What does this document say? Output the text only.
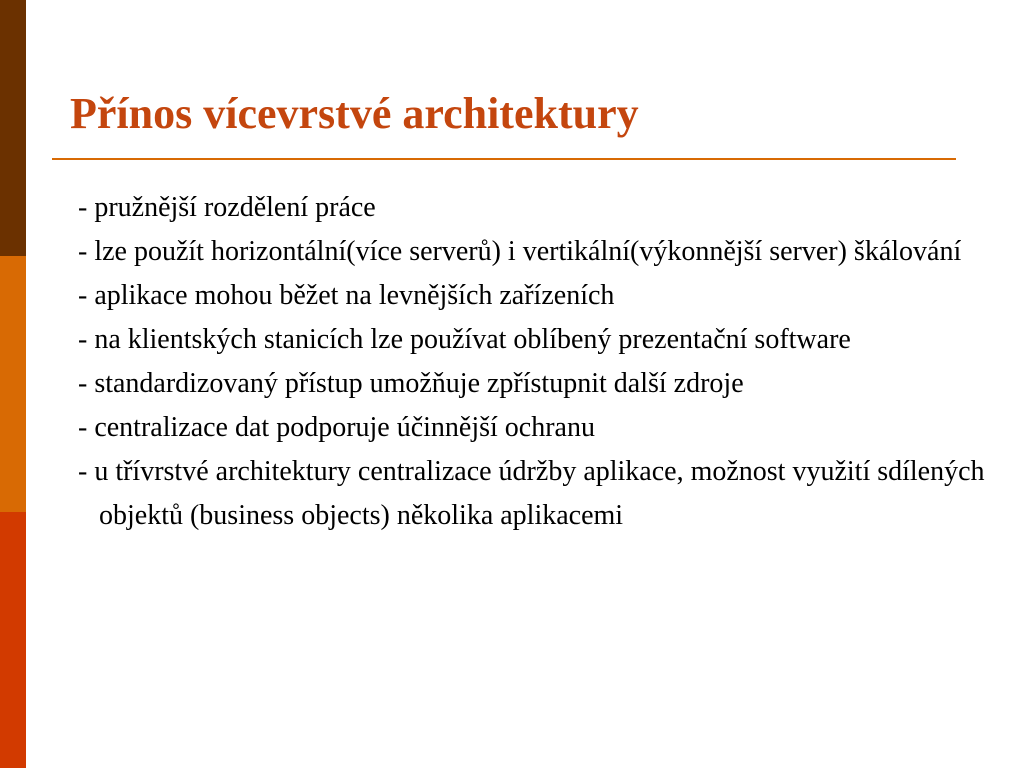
Přínos vícevrstvé architektury
- pružnější rozdělení práce
- lze použít horizontální(více serverů) i vertikální(výkonnější server) škálování
- aplikace mohou běžet na levnějších zařízeních
- na klientských stanicích lze používat oblíbený prezentační software
- standardizovaný přístup umožňuje zpřístupnit další zdroje
- centralizace dat podporuje účinnější ochranu
- u třívrstvé architektury centralizace údržby aplikace, možnost využití sdílených objektů (business objects) několika aplikacemi
